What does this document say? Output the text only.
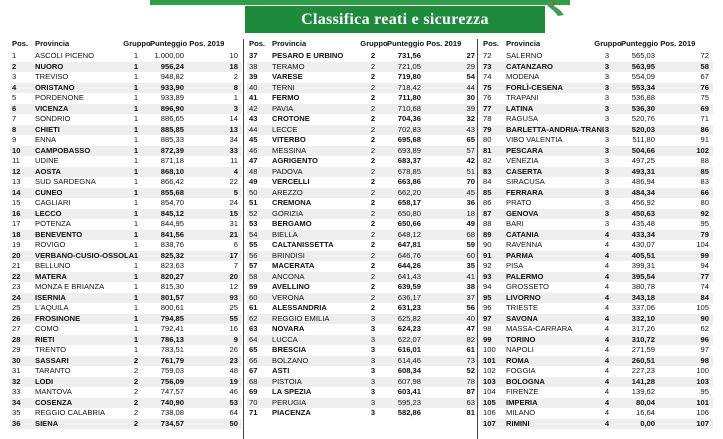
Classifica reati e sicurezza
Pos. Provincia	Gruppo Punteggio Pos. 2019
1	ASCOLI PICENO	1	1.000,00	10
2	NUORO	1	956,24	18
3	TREVISO	1	948,82	2
4	ORISTANO	1	933,90	8
5	PORDENONE	1	933,89	1
6	VICENZA	1	896,90	3
7	SONDRIO	1	886,65	14
8	CHIETI	1	885,85	13
9	ENNA	1	885,33	34
10	CAMPOBASSO	1	872,39	33
11	UDINE	1	871,18	11
12	AOSTA	1	868,10	4
13	SUD SARDEGNA	1	866,42	22
14	CUNEO	1	855,68	5
15	CAGLIARI	1	854,70	24
16	LECCO	1	845,12	15
17	POTENZA	1	844,95	31
18	BENEVENTO	1	841,56	21
19	ROVIGO	1	838,76	6
20	VERBANO-CUSIO-OSSOLA 1	825,32	17
21	BELLUNO	1	823,63	7
22	MATERA	1	820,27	20
23	MONZA E BRIANZA	1	815,30	12
24	ISERNIA	1	801,57	93
25	L'AQUILA	1	800,61	25
26	FROSINONE	1	794,85	55
27	COMO	1	792,41	16
28	RIETI	1	786,13	9
29	TRENTO	1	783,51	26
30	SASSARI	2	761,79	23
31	TARANTO	2	759,03	48
32	LODI	2	756,09	19
33	MANTOVA	2	747,57	46
34	COSENZA	2	740,90	53
35	REGGIO CALABRIA	2	738,08	64
36	SIENA	2	734,57	50
Pos. Provincia	Gruppo Punteggio Pos. 2019
37	PESARO E URBINO	2	731,56	27
38	TERAMO	2	721,05	29
39	VARESE	2	719,80	54
40	TERNI	2	718,42	44
41	FERMO	2	711,80	30
42	PAVIA	2	710,68	39
43	CROTONE	2	704,36	32
44	LECCE	2	702,83	43
45	VITERBO	2	695,68	65
46	MESSINA	2	693,89	57
47	AGRIGENTO	2	683,37	42
48	PADOVA	2	678,85	51
49	VERCELLI	2	663,86	70
50	AREZZO	2	662,20	45
51	CREMONA	2	658,17	36
52	GORIZIA	2	650,80	18
53	BERGAMO	2	650,66	49
54	BIELLA	2	648,12	68
55	CALTANISSETTA	2	647,81	59
56	BRINDISI	2	646,76	60
57	MACERATA	2	644,26	35
58	ANCONA	2	641,43	41
59	AVELLINO	2	639,59	38
60	VERONA	2	636,17	37
61	ALESSANDRIA	2	631,23	56
62	REGGIO EMILIA	3	625,82	40
63	NOVARA	3	624,23	47
64	LUCCA	3	622,07	82
65	BRESCIA	3	616,01	61
66	BOLZANO	3	614,46	73
67	ASTI	3	608,34	52
68	PISTOIA	3	607,98	78
69	LA SPEZIA	3	603,41	87
70	PERUGIA	3	595,23	63
71	PIACENZA	3	582,86	81
Pos. Provincia	Gruppo Punteggio Pos. 2019
72	SALERNO	3	565,03	72
73	CATANZARO	3	563,95	58
74	MODENA	3	554,09	67
75	FORLÌ-CESENA	3	553,34	76
76	TRAPANI	3	536,88	75
77	LATINA	3	536,30	69
78	RAGUSA	3	520,76	71
79	BARLETTA-ANDRIA-TRANI 3	520,03	86
80	VIBO VALENTIA	3	511,80	91
81	PESCARA	3	504,66	102
82	VENEZIA	3	497,25	88
83	CASERTA	3	493,31	85
84	SIRACUSA	3	486,94	83
85	FERRARA	3	484,34	66
86	PRATO	3	456,92	80
87	GENOVA	3	450,63	92
88	BARI	3	435,48	95
89	CATANIA	4	433,34	79
90	RAVENNA	4	430,07	104
91	PARMA	4	405,51	99
92	PISA	4	399,31	94
93	PALERMO	4	395,54	77
94	GROSSETO	4	380,78	74
95	LIVORNO	4	343,18	84
96	TRIESTE	4	337,06	105
97	SAVONA	4	332,10	90
98	MASSA-CARRARA	4	317,26	62
99	TORINO	4	310,72	96
100	NAPOLI	4	271,59	97
101	ROMA	4	260,51	98
102	FOGGIA	4	227,23	100
103	BOLOGNA	4	141,28	103
104	FIRENZE	4	139,62	95
105	IMPERIA	4	80,04	101
106	MILANO	4	16,64	106
107	RIMINI	4	0,00	107
